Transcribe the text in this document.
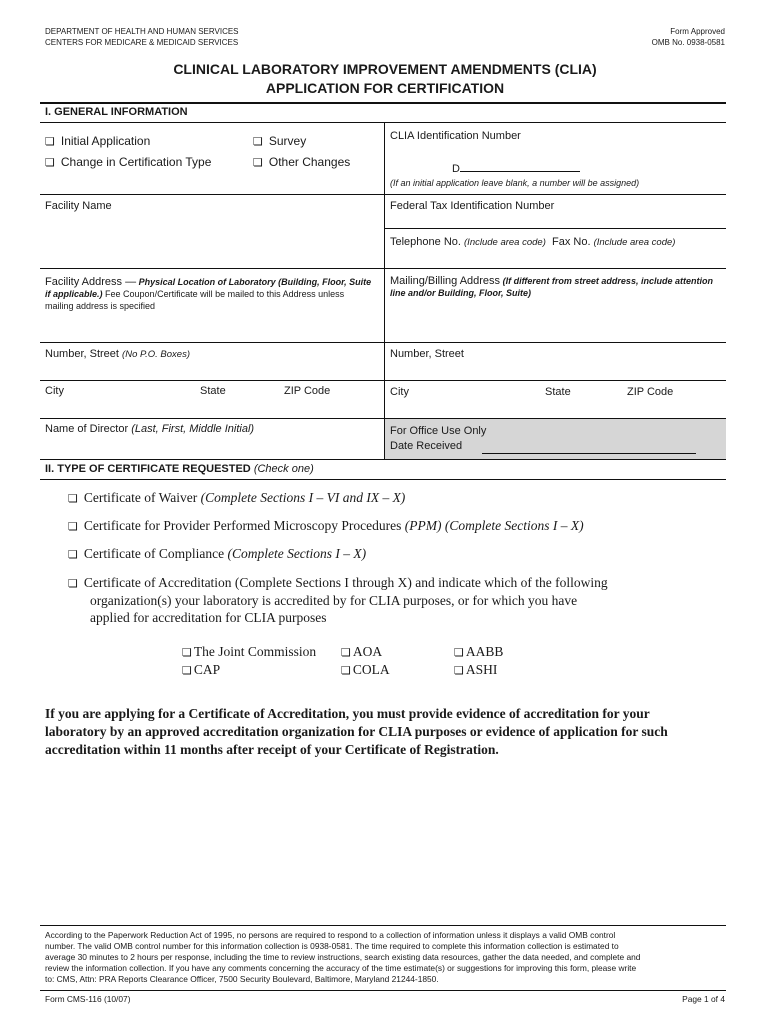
DEPARTMENT OF HEALTH AND HUMAN SERVICES
CENTERS FOR MEDICARE & MEDICAID SERVICES
Form Approved
OMB No. 0938-0581
CLINICAL LABORATORY IMPROVEMENT AMENDMENTS (CLIA)
APPLICATION FOR CERTIFICATION
I. GENERAL INFORMATION
❏ Initial Application
❏ Change in Certification Type
❏ Survey
❏ Other Changes
CLIA Identification Number
D
(If an initial application leave blank, a number will be assigned)
Facility Name	Federal Tax Identification Number
Telephone No. (Include area code) Fax No. (Include area code)
Facility Address — Physical Location of Laboratory (Building, Floor, Suite if applicable.) Fee Coupon/Certificate will be mailed to this Address unless mailing address is specified
Mailing/Billing Address (If different from street address, include attention line and/or Building, Floor, Suite)
Number, Street (No P.O. Boxes)	Number, Street
City	State	ZIP Code	City	State	ZIP Code
Name of Director (Last, First, Middle Initial)	For Office Use Only
Date Received
II. TYPE OF CERTIFICATE REQUESTED (Check one)
❏ Certificate of Waiver (Complete Sections I – VI and IX – X)
❏ Certificate for Provider Performed Microscopy Procedures (PPM) (Complete Sections I – X)
❏ Certificate of Compliance (Complete Sections I – X)
❏ Certificate of Accreditation (Complete Sections I through X) and indicate which of the following
organization(s) your laboratory is accredited by for CLIA purposes, or for which you have
applied for accreditation for CLIA purposes
❏ The Joint Commission ❏ AOA	❏ AABB
❏ CAP	❏ COLA	❏ ASHI
If you are applying for a Certificate of Accreditation, you must provide evidence of accreditation for your
laboratory by an approved accreditation organization for CLIA purposes or evidence of application for such
accreditation within 11 months after receipt of your Certificate of Registration.
According to the Paperwork Reduction Act of 1995, no persons are required to respond to a collection of information unless it displays a valid OMB control
number. The valid OMB control number for this information collection is 0938-0581. The time required to complete this information collection is estimated to
average 30 minutes to 2 hours per response, including the time to review instructions, search existing data resources, gather the data needed, and complete and
review the information collection. If you have any comments concerning the accuracy of the time estimate(s) or suggestions for improving this form, please write
to: CMS, Attn: PRA Reports Clearance Officer, 7500 Security Boulevard, Baltimore, Maryland 21244-1850.
Form CMS-116 (10/07)	Page 1 of 4
